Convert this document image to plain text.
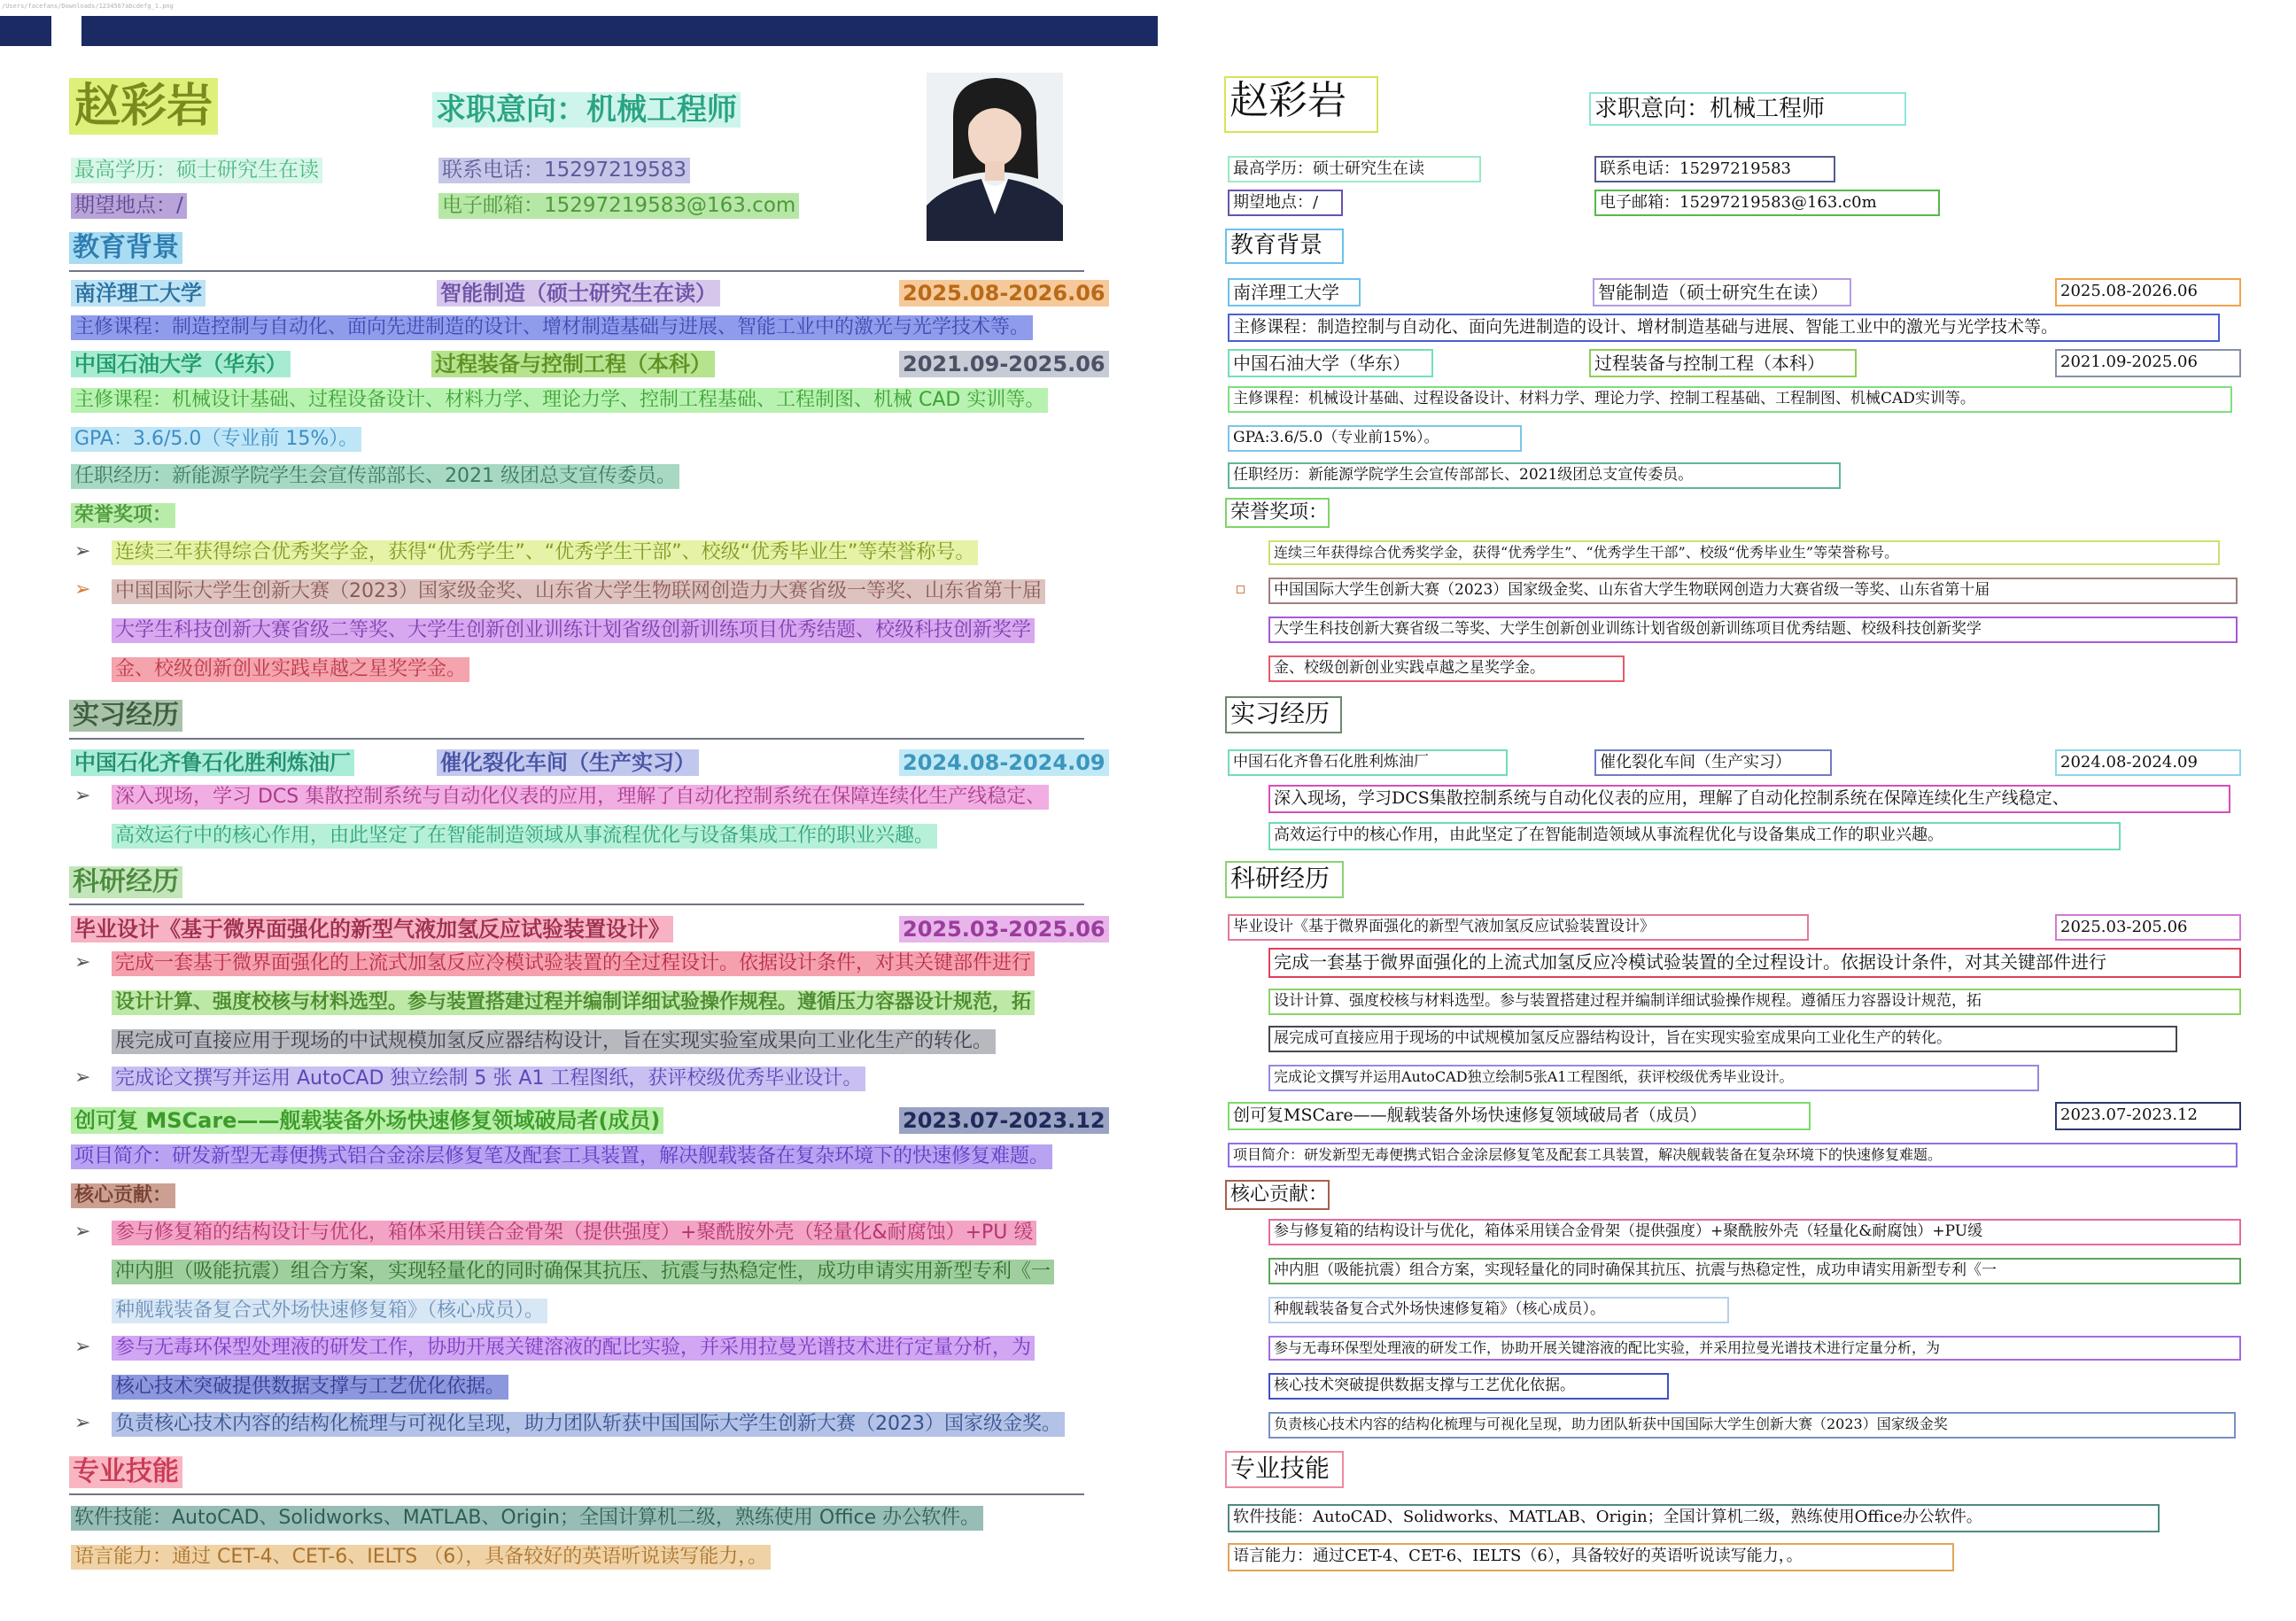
/Users/facefans/Downloads/1234567abcdefg_1.png
赵彩岩	求职意向：机械工程师
最高学历：硕士研究生在读	联系电话：15297219583
期望地点：/	电子邮箱：15297219583@163.com
教育背景
南洋理工大学	智能制造（硕士研究生在读）	2025.08-2026.06
主修课程：制造控制与自动化、面向先进制造的设计、增材制造基础与进展、智能工业中的激光与光学技术等。
中国石油大学（华东）	过程装备与控制工程（本科）	2021.09-2025.06
主修课程：机械设计基础、过程设备设计、材料力学、理论力学、控制工程基础、工程制图、机械 CAD 实训等。
GPA：3.6/5.0（专业前 15%）。
任职经历：新能源学院学生会宣传部部长、2021 级团总支宣传委员。
荣誉奖项：
➢ 连续三年获得综合优秀奖学金，获得“优秀学生”、“优秀学生干部”、校级“优秀毕业生”等荣誉称号。
➢ 中国国际大学生创新大赛（2023）国家级金奖、山东省大学生物联网创造力大赛省级一等奖、山东省第十届
大学生科技创新大赛省级二等奖、大学生创新创业训练计划省级创新训练项目优秀结题、校级科技创新奖学
金、校级创新创业实践卓越之星奖学金。
实习经历
中国石化齐鲁石化胜利炼油厂	催化裂化车间（生产实习）	2024.08-2024.09
➢ 深入现场，学习 DCS 集散控制系统与自动化仪表的应用，理解了自动化控制系统在保障连续化生产线稳定、
高效运行中的核心作用，由此坚定了在智能制造领域从事流程优化与设备集成工作的职业兴趣。
科研经历
毕业设计《基于微界面强化的新型气液加氢反应试验装置设计》	2025.03-2025.06
➢ 完成一套基于微界面强化的上流式加氢反应冷模试验装置的全过程设计。依据设计条件，对其关键部件进行
设计计算、强度校核与材料选型。参与装置搭建过程并编制详细试验操作规程。遵循压力容器设计规范，拓
展完成可直接应用于现场的中试规模加氢反应器结构设计，旨在实现实验室成果向工业化生产的转化。
➢ 完成论文撰写并运用 AutoCAD 独立绘制 5 张 A1 工程图纸，获评校级优秀毕业设计。
创可复 MSCare——舰载装备外场快速修复领域破局者(成员)	2023.07-2023.12
项目简介：研发新型无毒便携式铝合金涂层修复笔及配套工具装置，解决舰载装备在复杂环境下的快速修复难题。
核心贡献：
➢ 参与修复箱的结构设计与优化，箱体采用镁合金骨架（提供强度）+聚酰胺外壳（轻量化&耐腐蚀）+PU 缓
冲内胆（吸能抗震）组合方案，实现轻量化的同时确保其抗压、抗震与热稳定性，成功申请实用新型专利《一
种舰载装备复合式外场快速修复箱》（核心成员）。
➢ 参与无毒环保型处理液的研发工作，协助开展关键溶液的配比实验，并采用拉曼光谱技术进行定量分析，为
核心技术突破提供数据支撑与工艺优化依据。
➢ 负责核心技术内容的结构化梳理与可视化呈现，助力团队斩获中国国际大学生创新大赛（2023）国家级金奖。
专业技能
软件技能：AutoCAD、Solidworks、MATLAB、Origin；全国计算机二级，熟练使用 Office 办公软件。
语言能力：通过 CET-4、CET-6、IELTS （6），具备较好的英语听说读写能力，。
赵彩岩	求职意向：机械工程师
最高学历：硕士研究生在读	联系电话：15297219583
期望地点：/	电子邮箱：15297219583@163.c0m
教育背景
南洋理工大学	智能制造（硕士研究生在读）	2025.08-2026.06
主修课程：制造控制与自动化、面向先进制造的设计、增材制造基础与进展、智能工业中的激光与光学技术等。
中国石油大学（华东）	过程装备与控制工程（本科）	2021.09-2025.06
主修课程：机械设计基础、过程设备设计、材料力学、理论力学、控制工程基础、工程制图、机械CAD实训等。
GPA:3.6/5.0（专业前15%）。
任职经历：新能源学院学生会宣传部部长、2021级团总支宣传委员。
荣誉奖项：
连续三年获得综合优秀奖学金，获得“优秀学生”、“优秀学生干部”、校级“优秀毕业生”等荣誉称号。
中国国际大学生创新大赛（2023）国家级金奖、山东省大学生物联网创造力大赛省级一等奖、山东省第十届
大学生科技创新大赛省级二等奖、大学生创新创业训练计划省级创新训练项目优秀结题、校级科技创新奖学
金、校级创新创业实践卓越之星奖学金。
实习经历
中国石化齐鲁石化胜利炼油厂	催化裂化车间（生产实习）	2024.08-2024.09
深入现场，学习DCS集散控制系统与自动化仪表的应用，理解了自动化控制系统在保障连续化生产线稳定、
高效运行中的核心作用，由此坚定了在智能制造领域从事流程优化与设备集成工作的职业兴趣。
科研经历
毕业设计《基于微界面强化的新型气液加氢反应试验装置设计》	2025.03-205.06
完成一套基于微界面强化的上流式加氢反应冷模试验装置的全过程设计。依据设计条件，对其关键部件进行
设计计算、强度校核与材料选型。参与装置搭建过程并编制详细试验操作规程。遵循压力容器设计规范，拓
展完成可直接应用于现场的中试规模加氢反应器结构设计，旨在实现实验室成果向工业化生产的转化。
完成论文撰写并运用AutoCAD独立绘制5张A1工程图纸，获评校级优秀毕业设计。
创可复MSCare——舰载装备外场快速修复领域破局者（成员）	2023.07-2023.12
项目简介：研发新型无毒便携式铝合金涂层修复笔及配套工具装置，解决舰载装备在复杂环境下的快速修复难题。
核心贡献：
参与修复箱的结构设计与优化，箱体采用镁合金骨架（提供强度）+聚酰胺外壳（轻量化&耐腐蚀）+PU缓
冲内胆（吸能抗震）组合方案，实现轻量化的同时确保其抗压、抗震与热稳定性，成功申请实用新型专利《一
种舰载装备复合式外场快速修复箱》（核心成员）。
参与无毒环保型处理液的研发工作，协助开展关键溶液的配比实验，并采用拉曼光谱技术进行定量分析，为
核心技术突破提供数据支撑与工艺优化依据。
负责核心技术内容的结构化梳理与可视化呈现，助力团队斩获中国国际大学生创新大赛（2023）国家级金奖
专业技能
软件技能：AutoCAD、Solidworks、MATLAB、Origin；全国计算机二级，熟练使用Office办公软件。
语言能力：通过CET-4、CET-6、IELTS（6），具备较好的英语听说读写能力，。
